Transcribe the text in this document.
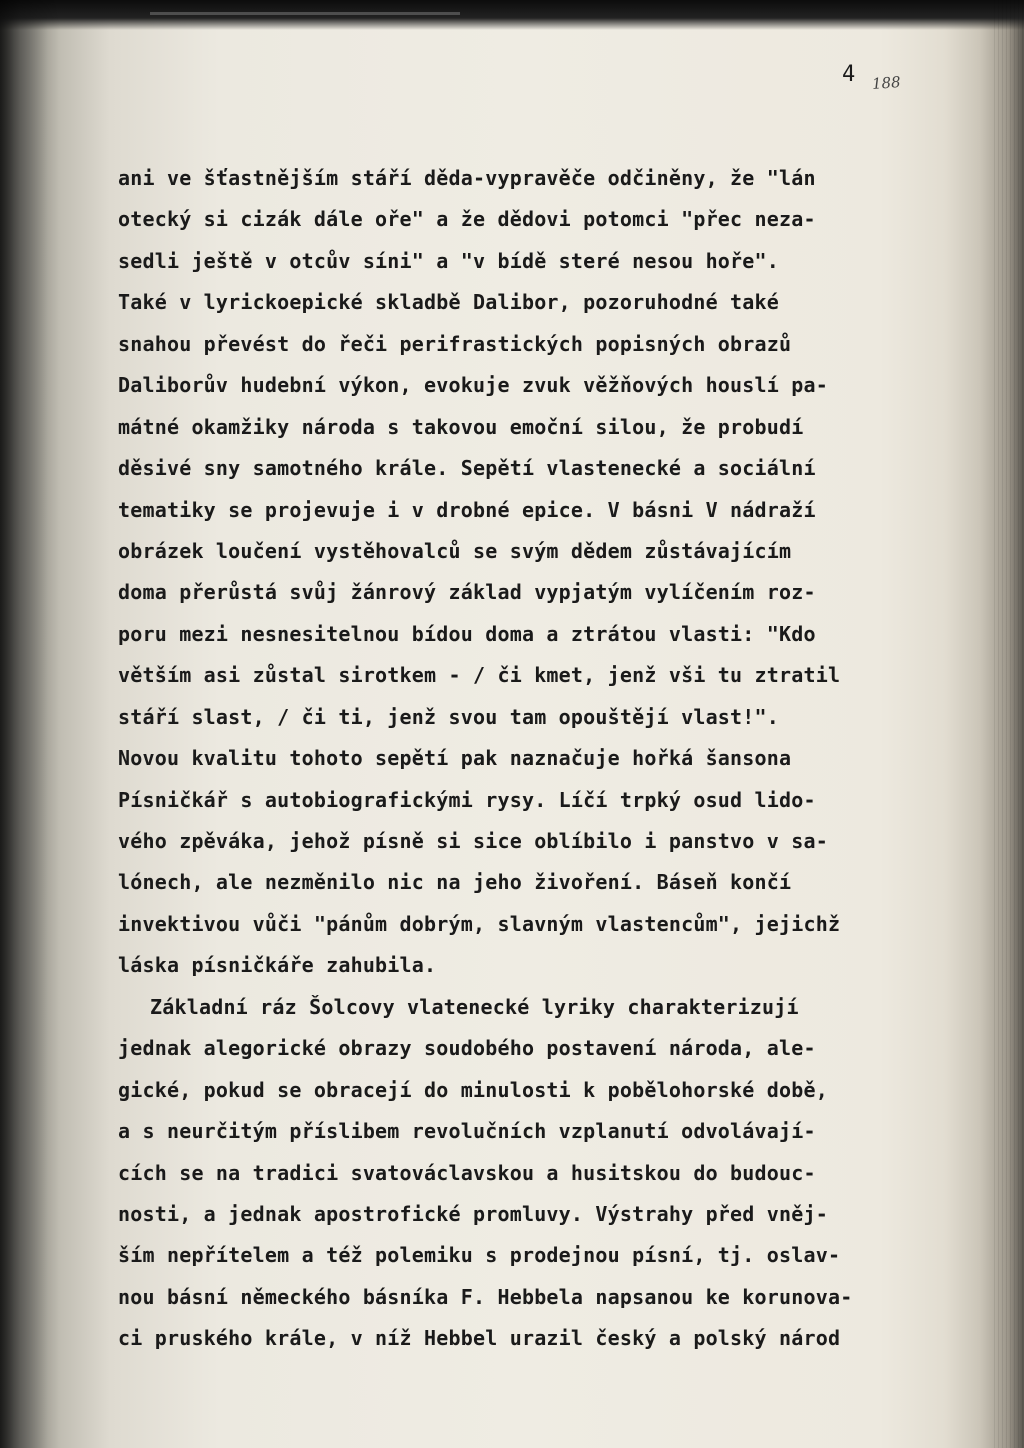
4 188
ani ve šťastnějším stáří děda-vypravěče odčiněny, že "lán
otecký si cizák dále oře" a že dědovi potomci "přec neza-
sedli ještě v otcův síni" a "v bídě steré nesou hoře".
Také v lyrickoepické skladbě Dalibor, pozoruhodné také
snahou převést do řeči perifrastických popisných obrazů
Daliborův hudební výkon, evokuje zvuk věžňových houslí pa-
mátné okamžiky národa s takovou emoční silou, že probudí
děsivé sny samotného krále. Sepětí vlastenecké a sociální
tematiky se projevuje i v drobné epice. V básni V nádraží
obrázek loučení vystěhovalců se svým dědem zůstávajícím
doma přerůstá svůj žánrový základ vypjatým vylíčením roz-
poru mezi nesnesitelnou bídou doma a ztrátou vlasti: "Kdo
větším asi zůstal sirotkem - / či kmet, jenž vši tu ztratil
stáří slast, / či ti, jenž svou tam opouštějí vlast!".
Novou kvalitu tohoto sepětí pak naznačuje hořká šansona
Písničkář s autobiografickými rysy. Líčí trpký osud lido-
vého zpěváka, jehož písně si sice oblíbilo i panstvo v sa-
lónech, ale nezměnilo nic na jeho živoření. Báseň končí
invektivou vůči "pánům dobrým, slavným vlastencům", jejichž
láska písničkáře zahubila.
Základní ráz Šolcovy vlatenecké lyriky charakterizují
jednak alegorické obrazy soudobého postavení národa, ale-
gické, pokud se obracejí do minulosti k pobělohorské době,
a s neurčitým příslibem revolučních vzplanutí odvolávají-
cích se na tradici svatováclavskou a husitskou do budouc-
nosti, a jednak apostrofické promluvy. Výstrahy před vněj-
ším nepřítelem a též polemiku s prodejnou písní, tj. oslav-
nou básní německého básníka F. Hebbela napsanou ke korunova-
ci pruského krále, v níž Hebbel urazil český a polský národ
